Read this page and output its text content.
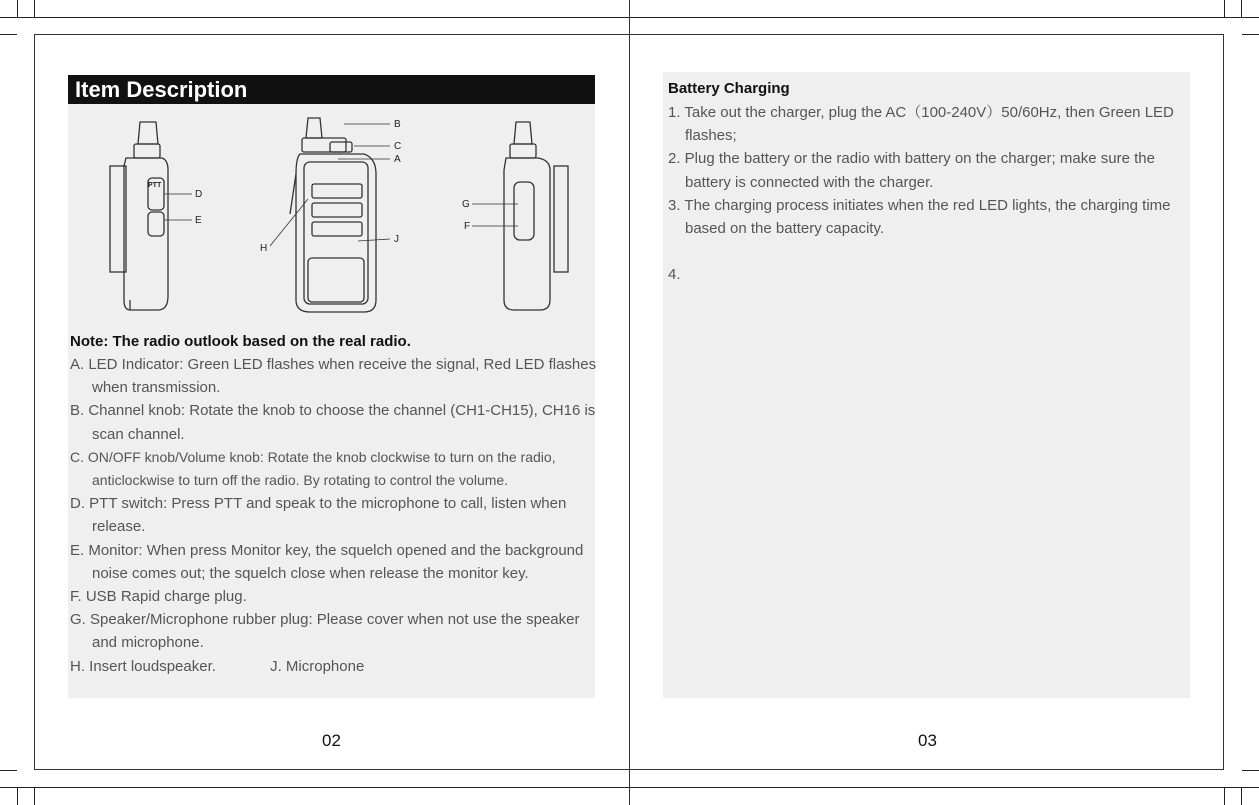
Item Description
PTT
B
C
A
D
E
G
F
H
J
Note: The radio outlook based on the real radio.
A. LED Indicator: Green LED flashes when receive the signal, Red LED flashes when transmission.
B. Channel knob: Rotate the knob to choose the channel (CH1-CH15), CH16 is scan channel.
C. ON/OFF knob/Volume knob: Rotate the knob clockwise to turn on the radio, anticlockwise to turn off the radio. By rotating to control the volume.
D. PTT switch: Press PTT and speak to the microphone to call, listen when release.
E. Monitor: When press Monitor key, the squelch opened and the background noise comes out; the squelch close when release the monitor key.
F. USB Rapid charge plug.
G. Speaker/Microphone rubber plug: Please cover when not use the speaker and microphone.
H. Insert loudspeaker.	J. Microphone
02
Battery Charging
1. Take out the charger, plug the AC（100-240V）50/60Hz, then Green LED flashes;
2. Plug the battery or the radio with battery on the charger; make sure the battery is connected with the charger.
3. The charging process initiates when the red LED lights, the charging time based on the battery capacity.
4.
03
